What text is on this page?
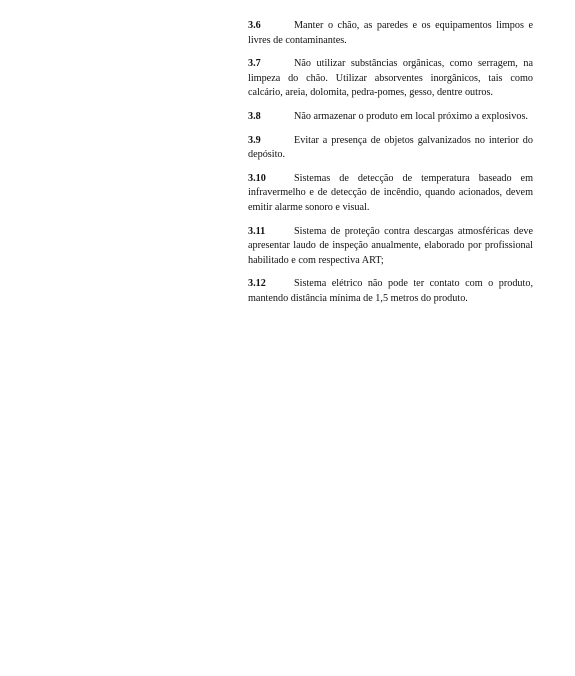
3.6	Manter o chão, as paredes e os equipamentos limpos e livres de contaminantes.

3.7	Não utilizar substâncias orgânicas, como serragem, na limpeza do chão. Utilizar absorventes inorgânicos, tais como calcário, areia, dolomita, pedra-pomes, gesso, dentre outros.

3.8	Não armazenar o produto em local próximo a explosivos.

3.9	Evitar a presença de objetos galvanizados no interior do depósito.

3.10	Sistemas de detecção de temperatura baseado em infravermelho e de detecção de incêndio, quando acionados, devem emitir alarme sonoro e visual.

3.11	Sistema de proteção contra descargas atmosféricas deve apresentar laudo de inspeção anualmente, elaborado por profissional habilitado e com respectiva ART;

3.12	Sistema elétrico não pode ter contato com o produto, mantendo distância mínima de 1,5 metros do produto.
